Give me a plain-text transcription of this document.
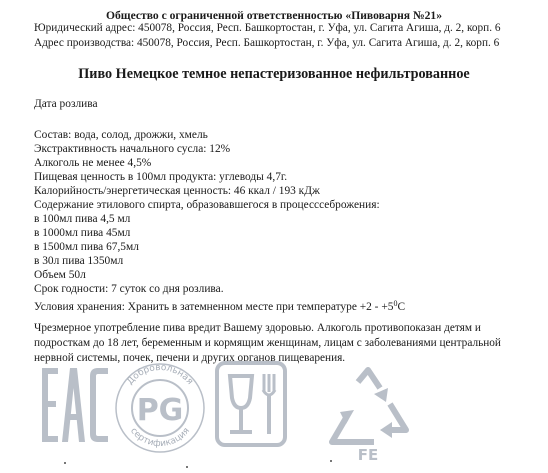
Общество с ограниченной ответственностью «Пивоварня №21»
Юридический адрес: 450078, Россия, Респ. Башкортостан, г. Уфа, ул. Сагита Агиша, д. 2, корп. 6
Адрес производства: 450078, Россия, Респ. Башкортостан, г. Уфа, ул. Сагита Агиша, д. 2, корп. 6
Пиво Немецкое темное непастеризованное нефильтрованное
Дата розлива
Состав: вода, солод, дрожжи, хмель
Экстрактивность начального сусла: 12%
Алкоголь не менее 4,5%
Пищевая ценность в 100мл продукта: углеводы 4,7г.
Калорийность/энергетическая ценность: 46 ккал / 193 кДж
Содержание этилового спирта, образовавшегося в процесссеброжения:
в 100мл пива 4,5 мл
в 1000мл пива 45мл
в 1500мл пива 67,5мл
в 30л пива 1350мл
Объем 50л
Срок годности: 7 суток со дня розлива.
Условия хранения: Хранить в затемненном месте при температуре $+2 - +5^0С$
Чрезмерное употребление пива вредит Вашему здоровью. Алкоголь противопоказан детям и подросткам до 18 лет, беременным и кормящим женщинам, лицам с заболеваниями центральной нервной системы, почек, печени и других органов пищеварения.
Добровольная
сертификация
PG
FE
